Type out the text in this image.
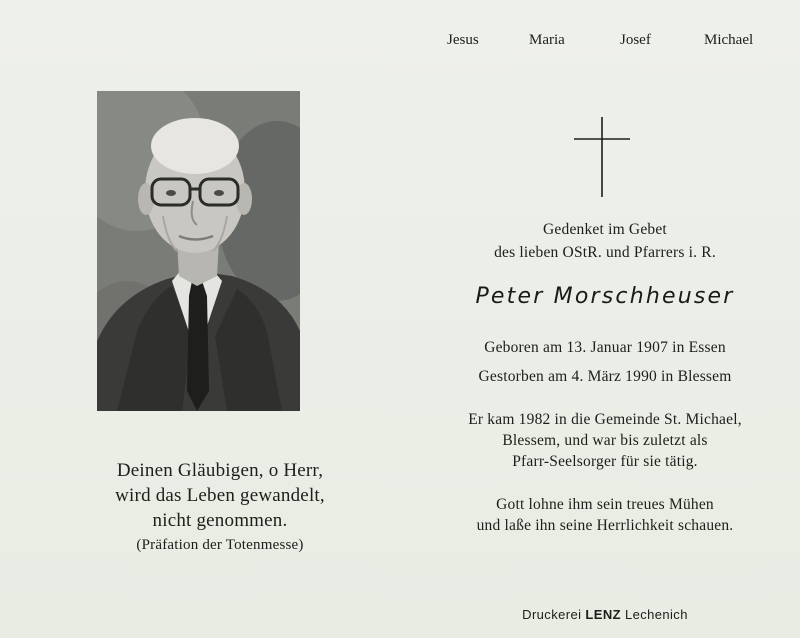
Deinen Gläubigen, o Herr,
wird das Leben gewandelt,
nicht genommen.
(Präfation der Totenmesse)
Jesus	Maria	Josef	Michael
Gedenket im Gebet
des lieben OStR. und Pfarrers i. R.
Peter Morschheuser
Geboren am 13. Januar 1907 in Essen
Gestorben am 4. März 1990 in Blessem
Er kam 1982 in die Gemeinde St. Michael,
Blessem, und war bis zuletzt als
Pfarr-Seelsorger für sie tätig.
Gott lohne ihm sein treues Mühen
und laße ihn seine Herrlichkeit schauen.
Druckerei LENZ Lechenich
